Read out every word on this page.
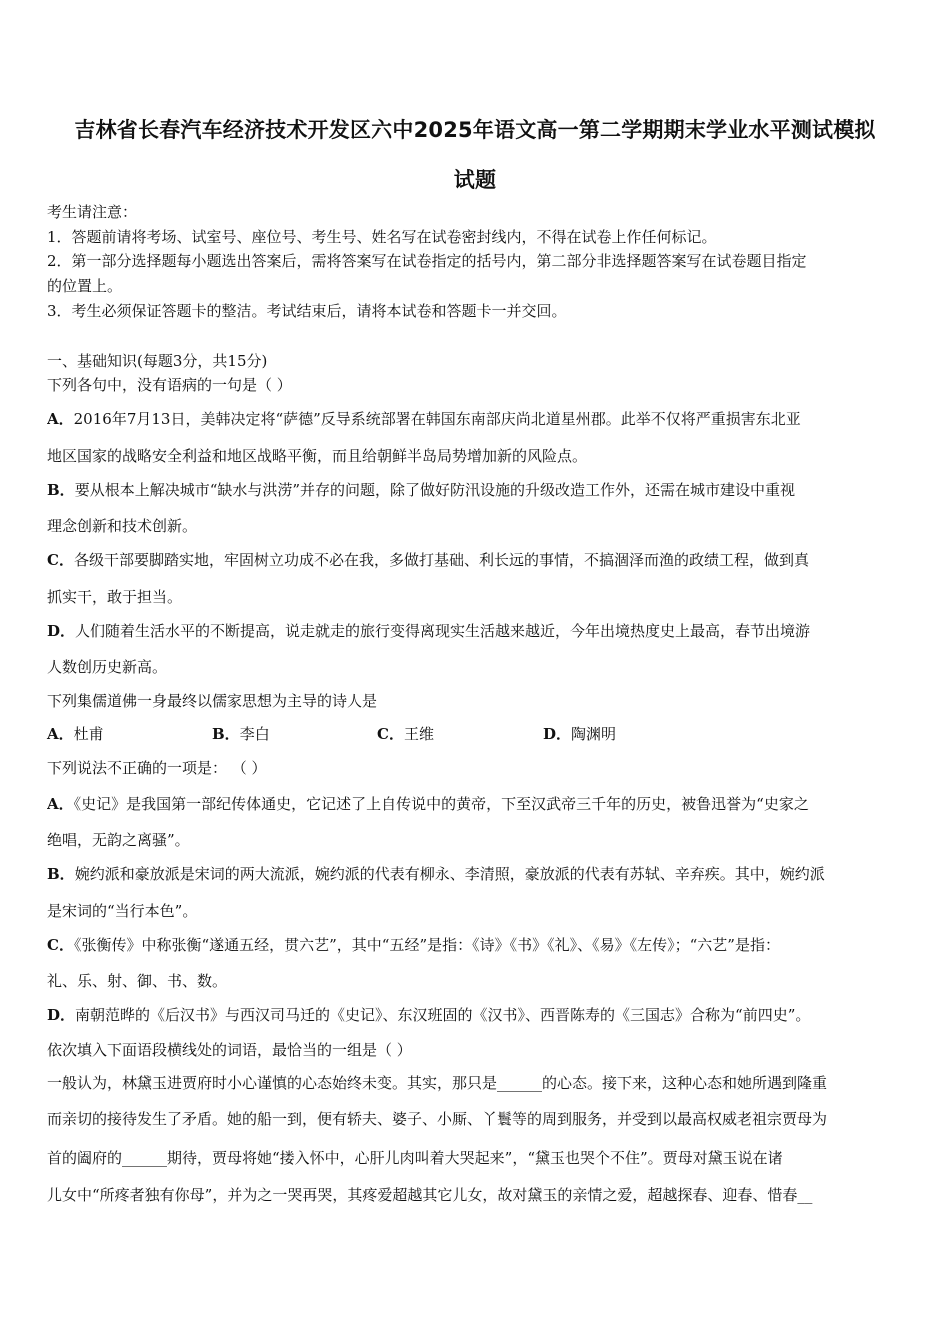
吉林省长春汽车经济技术开发区六中2025年语文高一第二学期期末学业水平测试模拟
试题
考生请注意：
1．答题前请将考场、试室号、座位号、考生号、姓名写在试卷密封线内，不得在试卷上作任何标记。
2．第一部分选择题每小题选出答案后，需将答案写在试卷指定的括号内，第二部分非选择题答案写在试卷题目指定
的位置上。
3．考生必须保证答题卡的整洁。考试结束后，请将本试卷和答题卡一并交回。
一、基础知识(每题3分，共15分)
下列各句中，没有语病的一句是（ ）
A．2016年7月13日，美韩决定将“萨德”反导系统部署在韩国东南部庆尚北道星州郡。此举不仅将严重损害东北亚
地区国家的战略安全利益和地区战略平衡，而且给朝鲜半岛局势增加新的风险点。
B．要从根本上解决城市“缺水与洪涝”并存的问题，除了做好防汛设施的升级改造工作外，还需在城市建设中重视
理念创新和技术创新。
C．各级干部要脚踏实地，牢固树立功成不必在我，多做打基础、利长远的事情，不搞涸泽而渔的政绩工程，做到真
抓实干，敢于担当。
D．人们随着生活水平的不断提高，说走就走的旅行变得离现实生活越来越近，今年出境热度史上最高，春节出境游
人数创历史新高。
下列集儒道佛一身最终以儒家思想为主导的诗人是
A．杜甫	B．李白	C．王维	D．陶渊明
下列说法不正确的一项是： （ ）
A．《史记》是我国第一部纪传体通史，它记述了上自传说中的黄帝，下至汉武帝三千年的历史，被鲁迅誉为“史家之
绝唱，无韵之离骚”。
B．婉约派和豪放派是宋词的两大流派，婉约派的代表有柳永、李清照，豪放派的代表有苏轼、辛弃疾。其中，婉约派
是宋词的“当行本色”。
C．《张衡传》中称张衡“遂通五经，贯六艺”，其中“五经”是指：《诗》《书》《礼》、《易》《左传》；“六艺”是指：
礼、乐、射、御、书、数。
D．南朝范晔的《后汉书》与西汉司马迁的《史记》、东汉班固的《汉书》、西晋陈寿的《三国志》合称为“前四史”。
依次填入下面语段横线处的词语，最恰当的一组是（ ）
一般认为，林黛玉进贾府时小心谨慎的心态始终未变。其实，那只是______的心态。接下来，这种心态和她所遇到隆重
而亲切的接待发生了矛盾。她的船一到，便有轿夫、婆子、小厮、丫鬟等的周到服务，并受到以最高权威老祖宗贾母为
首的阖府的______期待，贾母将她“搂入怀中，心肝儿肉叫着大哭起来”，“黛玉也哭个不住”。贾母对黛玉说在诸
儿女中“所疼者独有你母”，并为之一哭再哭，其疼爱超越其它儿女，故对黛玉的亲情之爱，超越探春、迎春、惜春__
